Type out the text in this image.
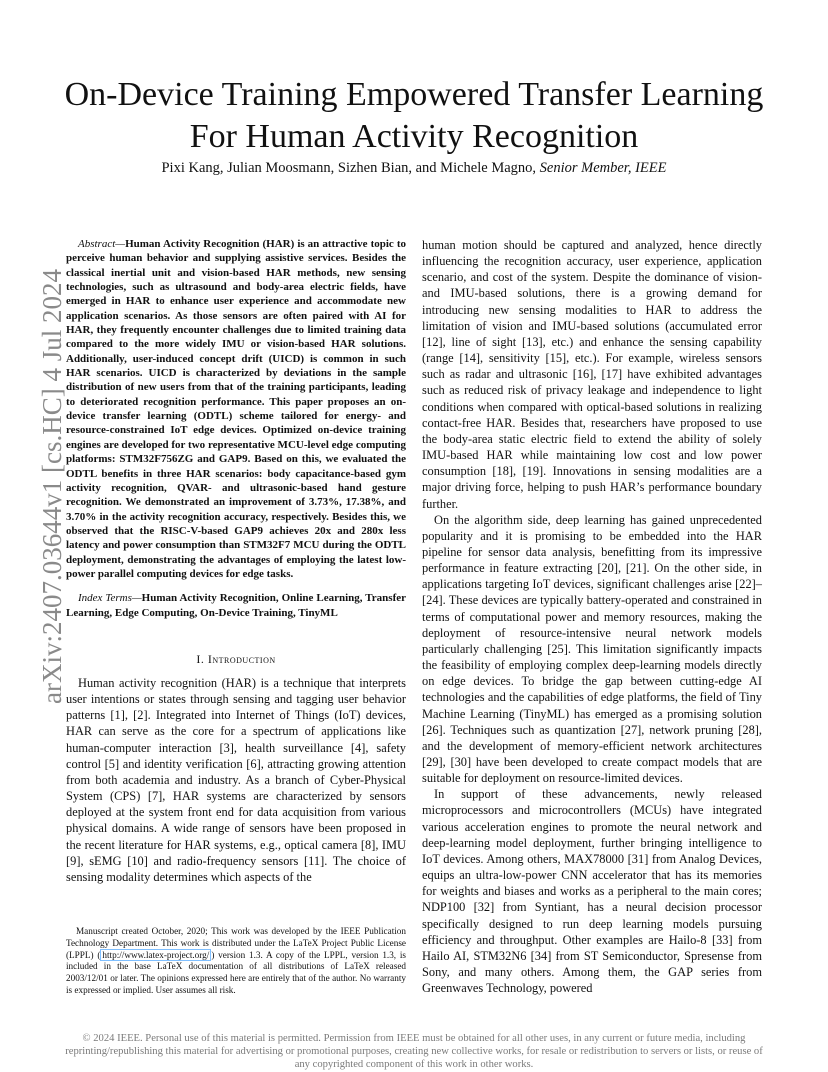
On-Device Training Empowered Transfer Learning For Human Activity Recognition
Pixi Kang, Julian Moosmann, Sizhen Bian, and Michele Magno, Senior Member, IEEE
arXiv:2407.03644v1 [cs.HC] 4 Jul 2024

Abstract—Human Activity Recognition (HAR) is an attractive topic to perceive human behavior and supplying assistive services. Besides the classical inertial unit and vision-based HAR methods, new sensing technologies, such as ultrasound and body-area electric fields, have emerged in HAR to enhance user experience and accommodate new application scenarios. As those sensors are often paired with AI for HAR, they frequently encounter challenges due to limited training data compared to the more widely IMU or vision-based HAR solutions. Additionally, user-induced concept drift (UICD) is common in such HAR scenarios. UICD is characterized by deviations in the sample distribution of new users from that of the training participants, leading to deteriorated recognition performance. This paper proposes an on-device transfer learning (ODTL) scheme tailored for energy- and resource-constrained IoT edge devices. Optimized on-device training engines are developed for two representative MCU-level edge computing platforms: STM32F756ZG and GAP9. Based on this, we evaluated the ODTL benefits in three HAR scenarios: body capacitance-based gym activity recognition, QVAR- and ultrasonic-based hand gesture recognition. We demonstrated an improvement of 3.73%, 17.38%, and 3.70% in the activity recognition accuracy, respectively. Besides this, we observed that the RISC-V-based GAP9 achieves 20x and 280x less latency and power consumption than STM32F7 MCU during the ODTL deployment, demonstrating the advantages of employing the latest low-power parallel computing devices for edge tasks.

Index Terms—Human Activity Recognition, Online Learning, Transfer Learning, Edge Computing, On-Device Training, TinyML

I. Introduction

Human activity recognition (HAR) is a technique that interprets user intentions or states through sensing and tagging user behavior patterns [1], [2]. Integrated into Internet of Things (IoT) devices, HAR can serve as the core for a spectrum of applications like human-computer interaction [3], health surveillance [4], safety control [5] and identity verification [6], attracting growing attention from both academia and industry. As a branch of Cyber-Physical System (CPS) [7], HAR systems are characterized by sensors deployed at the system front end for data acquisition from various physical domains. A wide range of sensors have been proposed in the recent literature for HAR systems, e.g., optical camera [8], IMU [9], sEMG [10] and radio-frequency sensors [11]. The choice of sensing modality determines which aspects of the

human motion should be captured and analyzed, hence directly influencing the recognition accuracy, user experience, application scenario, and cost of the system. Despite the dominance of vision- and IMU-based solutions, there is a growing demand for introducing new sensing modalities to HAR to address the limitation of vision and IMU-based solutions (accumulated error [12], line of sight [13], etc.) and enhance the sensing capability (range [14], sensitivity [15], etc.). For example, wireless sensors such as radar and ultrasonic [16], [17] have exhibited advantages such as reduced risk of privacy leakage and independence to light conditions when compared with optical-based solutions in realizing contact-free HAR. Besides that, researchers have proposed to use the body-area static electric field to extend the ability of solely IMU-based HAR while maintaining low cost and low power consumption [18], [19]. Innovations in sensing modalities are a major driving force, helping to push HAR’s performance boundary further.

On the algorithm side, deep learning has gained unprecedented popularity and it is promising to be embedded into the HAR pipeline for sensor data analysis, benefitting from its impressive performance in feature extracting [20], [21]. On the other side, in applications targeting IoT devices, significant challenges arise [22]–[24]. These devices are typically battery-operated and constrained in terms of computational power and memory resources, making the deployment of resource-intensive neural network models particularly challenging [25]. This limitation significantly impacts the feasibility of employing complex deep-learning models directly on edge devices. To bridge the gap between cutting-edge AI technologies and the capabilities of edge platforms, the field of Tiny Machine Learning (TinyML) has emerged as a promising solution [26]. Techniques such as quantization [27], network pruning [28], and the development of memory-efficient network architectures [29], [30] have been developed to create compact models that are suitable for deployment on resource-limited devices.

In support of these advancements, newly released microprocessors and microcontrollers (MCUs) have integrated various acceleration engines to promote the neural network and deep-learning model deployment, further bringing intelligence to IoT devices. Among others, MAX78000 [31] from Analog Devices, equips an ultra-low-power CNN accelerator that has its memories for weights and biases and works as a peripheral to the main cores; NDP100 [32] from Syntiant, has a neural decision processor specifically designed to run deep learning models pursuing efficiency and throughput. Other examples are Hailo-8 [33] from Hailo AI, STM32N6 [34] from ST Semiconductor, Spresense from Sony, and many others. Among them, the GAP series from Greenwaves Technology, powered

Manuscript created October, 2020; This work was developed by the IEEE Publication Technology Department. This work is distributed under the LaTeX Project Public License (LPPL) ( http://www.latex-project.org/ ) version 1.3. A copy of the LPPL, version 1.3, is included in the base LaTeX documentation of all distributions of LaTeX released 2003/12/01 or later. The opinions expressed here are entirely that of the author. No warranty is expressed or implied. User assumes all risk.
© 2024 IEEE. Personal use of this material is permitted. Permission from IEEE must be obtained for all other uses, in any current or future media, including reprinting/republishing this material for advertising or promotional purposes, creating new collective works, for resale or redistribution to servers or lists, or reuse of any copyrighted component of this work in other works.
